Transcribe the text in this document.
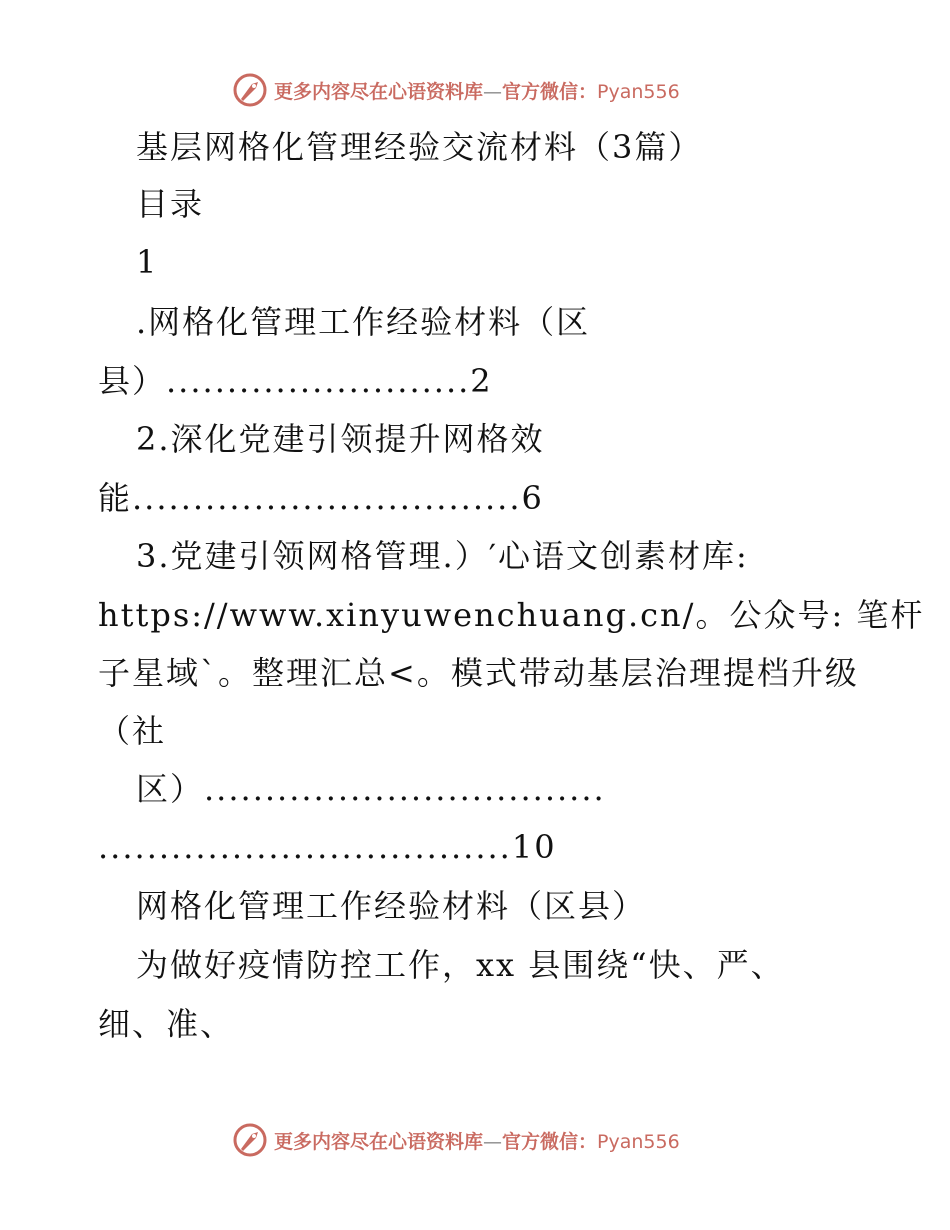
更多内容尽在心语资料库—官方微信：Pyan556
基层网格化管理经验交流材料（3篇）
目录
1
.网格化管理工作经验材料（区
县）.........................2
2.深化党建引领提升网格效
能................................6
3.党建引领网格管理.）′心语文创素材库:
https://www.xinyuwenchuang.cn/。公众号: 笔杆
子星域`。整理汇总<。模式带动基层治理提档升级
（社
区）.................................
..................................10
网格化管理工作经验材料（区县）
为做好疫情防控工作，xx 县围绕“快、严、
细、准、
更多内容尽在心语资料库—官方微信：Pyan556
